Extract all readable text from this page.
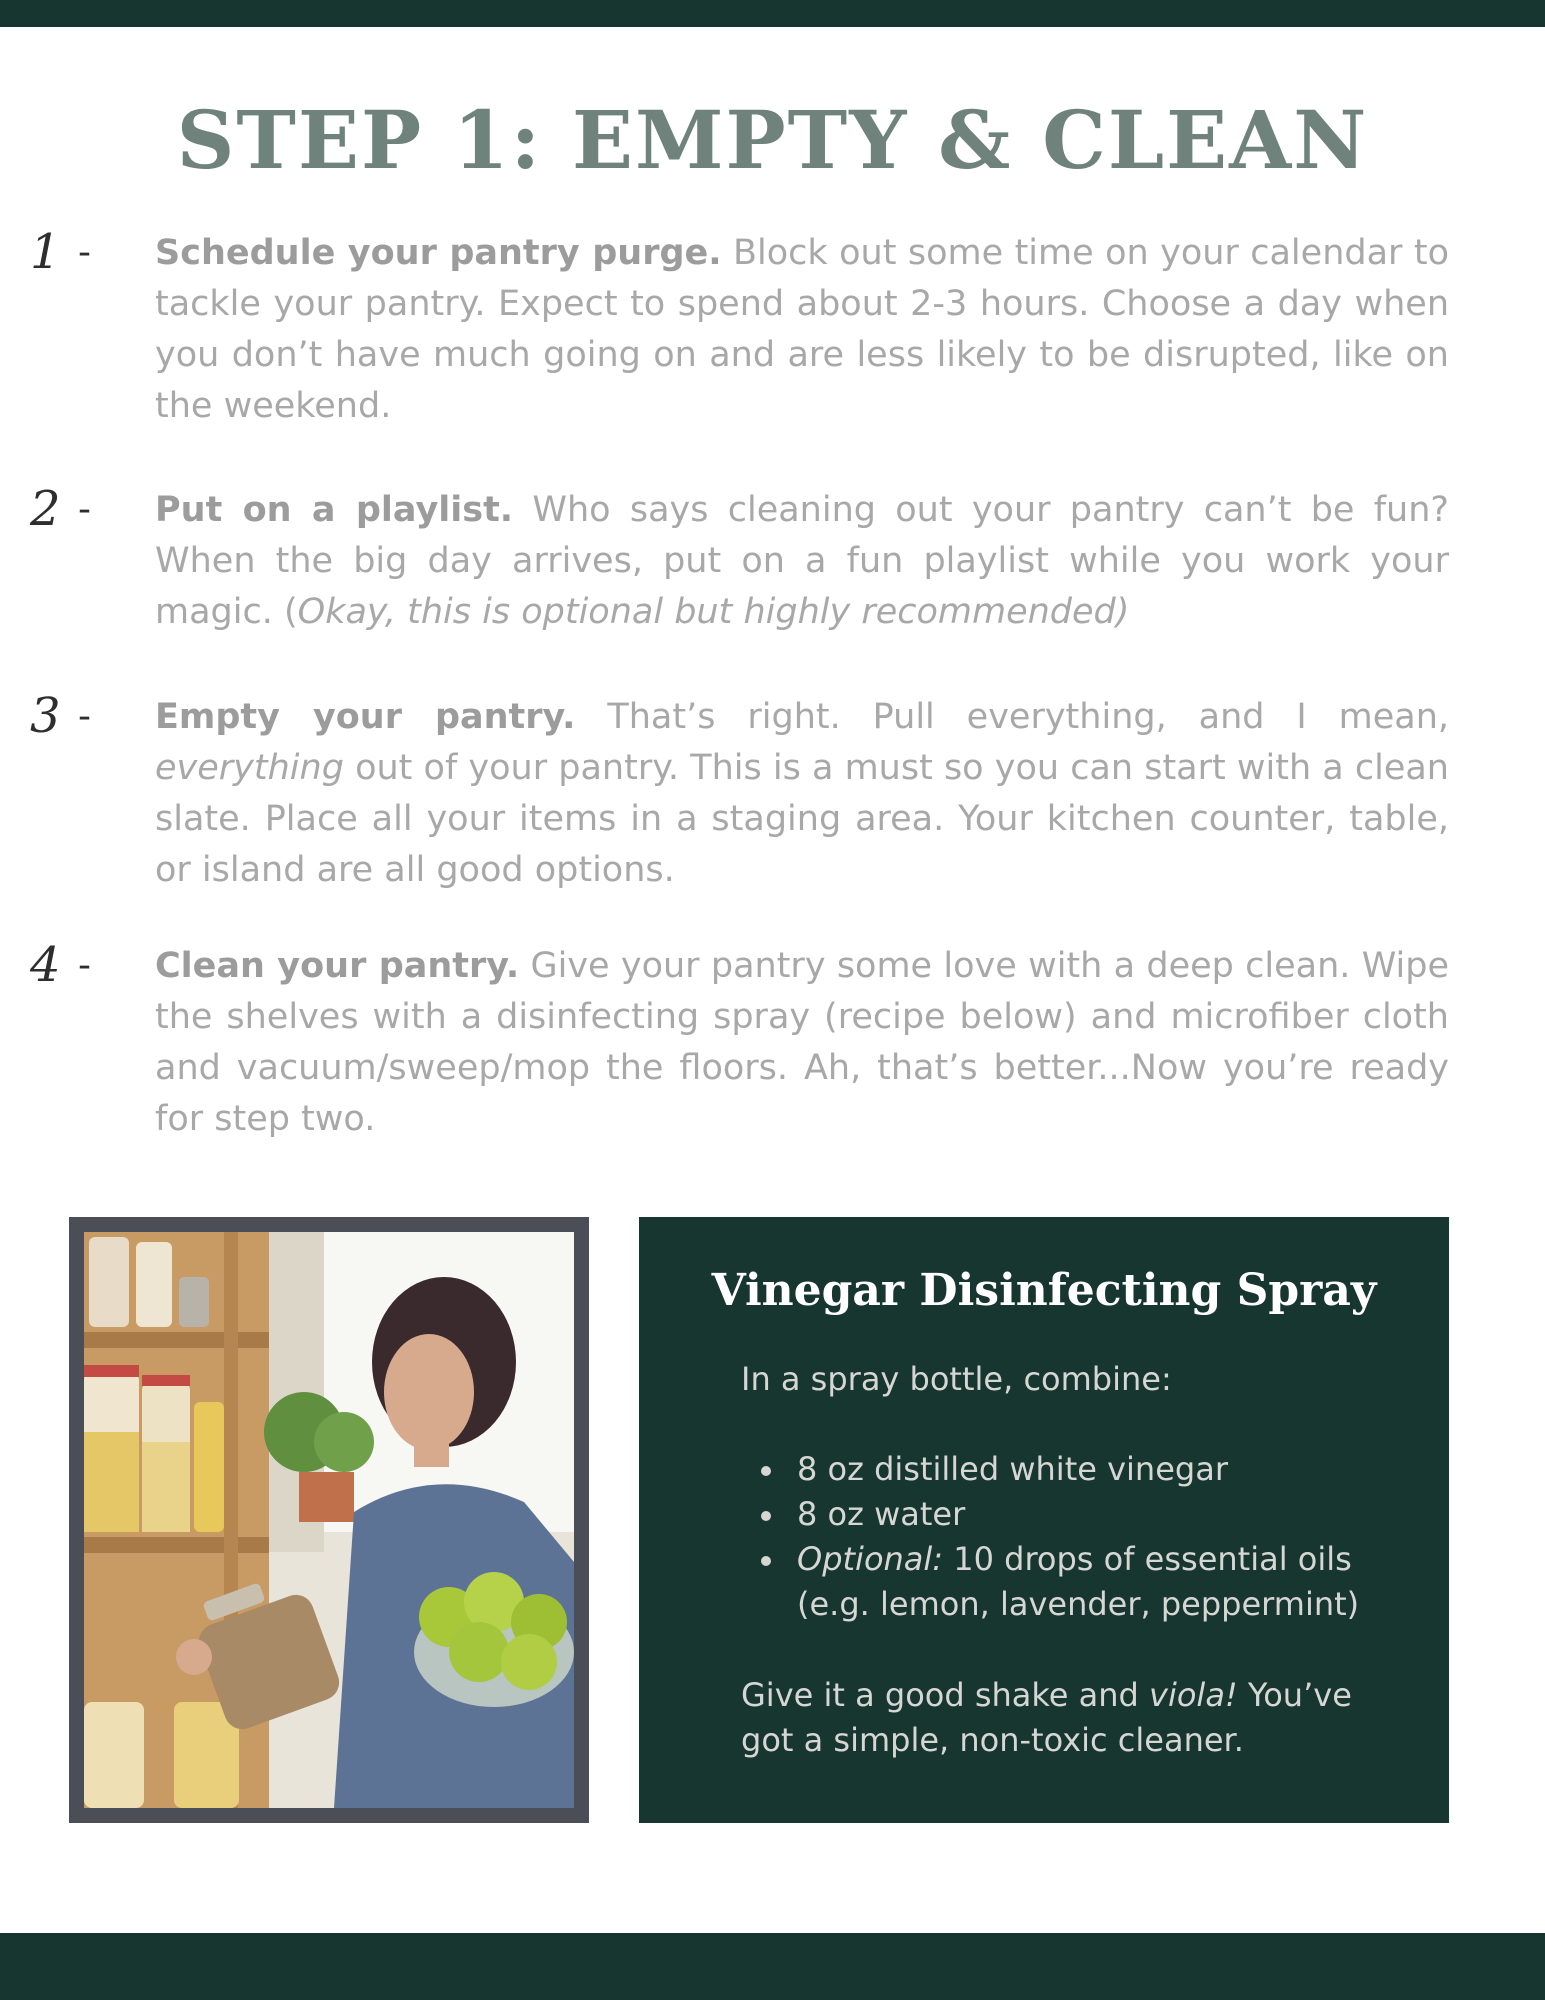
STEP 1: EMPTY & CLEAN
1 - Schedule your pantry purge. Block out some time on your calendar to tackle your pantry. Expect to spend about 2-3 hours. Choose a day when you don’t have much going on and are less likely to be disrupted, like on the weekend.
2 - Put on a playlist. Who says cleaning out your pantry can’t be fun? When the big day arrives, put on a fun playlist while you work your magic. (Okay, this is optional but highly recommended)
3 - Empty your pantry. That’s right. Pull everything, and I mean, everything out of your pantry. This is a must so you can start with a clean slate. Place all your items in a staging area. Your kitchen counter, table, or island are all good options.
4 - Clean your pantry. Give your pantry some love with a deep clean. Wipe the shelves with a disinfecting spray (recipe below) and microfiber cloth and vacuum/sweep/mop the floors. Ah, that’s better...Now you’re ready for step two.
Vinegar Disinfecting Spray
In a spray bottle, combine:
8 oz distilled white vinegar
8 oz water
Optional: 10 drops of essential oils (e.g. lemon, lavender, peppermint)
Give it a good shake and viola! You’ve got a simple, non-toxic cleaner.
